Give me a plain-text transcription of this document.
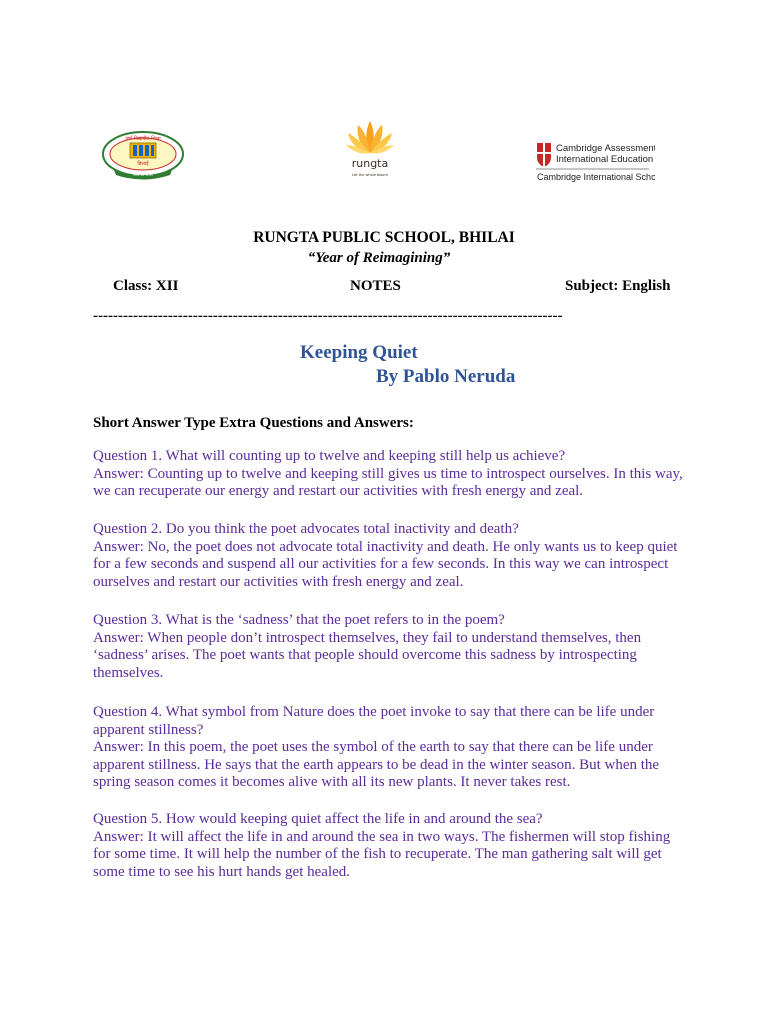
वर्षा विद्यापीठ शिक्षा
बिलाई
सत्यमेव जयते
rungta
Let the whole bloom
Cambridge Assessment
International Education
Cambridge International School
RUNGTA PUBLIC SCHOOL, BHILAI
“Year of Reimagining”
Class: XII	NOTES	Subject: English
----------------------------------------------------------------------------------------------
Keeping Quiet
By Pablo Neruda
Short Answer Type Extra Questions and Answers:

Question 1. What will counting up to twelve and keeping still help us achieve?

Answer: Counting up to twelve and keeping still gives us time to introspect ourselves. In this way, we can recuperate our energy and restart our activities with fresh energy and zeal.

Question 2. Do you think the poet advocates total inactivity and death?

Answer: No, the poet does not advocate total inactivity and death. He only wants us to keep quiet for a few seconds and suspend all our activities for a few seconds. In this way we can introspect ourselves and restart our activities with fresh energy and zeal.

Question 3. What is the ‘sadness’ that the poet refers to in the poem?

Answer: When people don’t introspect themselves, they fail to understand themselves, then ‘sadness’ arises. The poet wants that people should overcome this sadness by introspecting themselves.

Question 4. What symbol from Nature does the poet invoke to say that there can be life under apparent stillness?

Answer: In this poem, the poet uses the symbol of the earth to say that there can be life under apparent stillness. He says that the earth appears to be dead in the winter season. But when the spring season comes it becomes alive with all its new plants. It never takes rest.

Question 5. How would keeping quiet affect the life in and around the sea?

Answer: It will affect the life in and around the sea in two ways. The fishermen will stop fishing for some time. It will help the number of the fish to recuperate. The man gathering salt will get some time to see his hurt hands get healed.
